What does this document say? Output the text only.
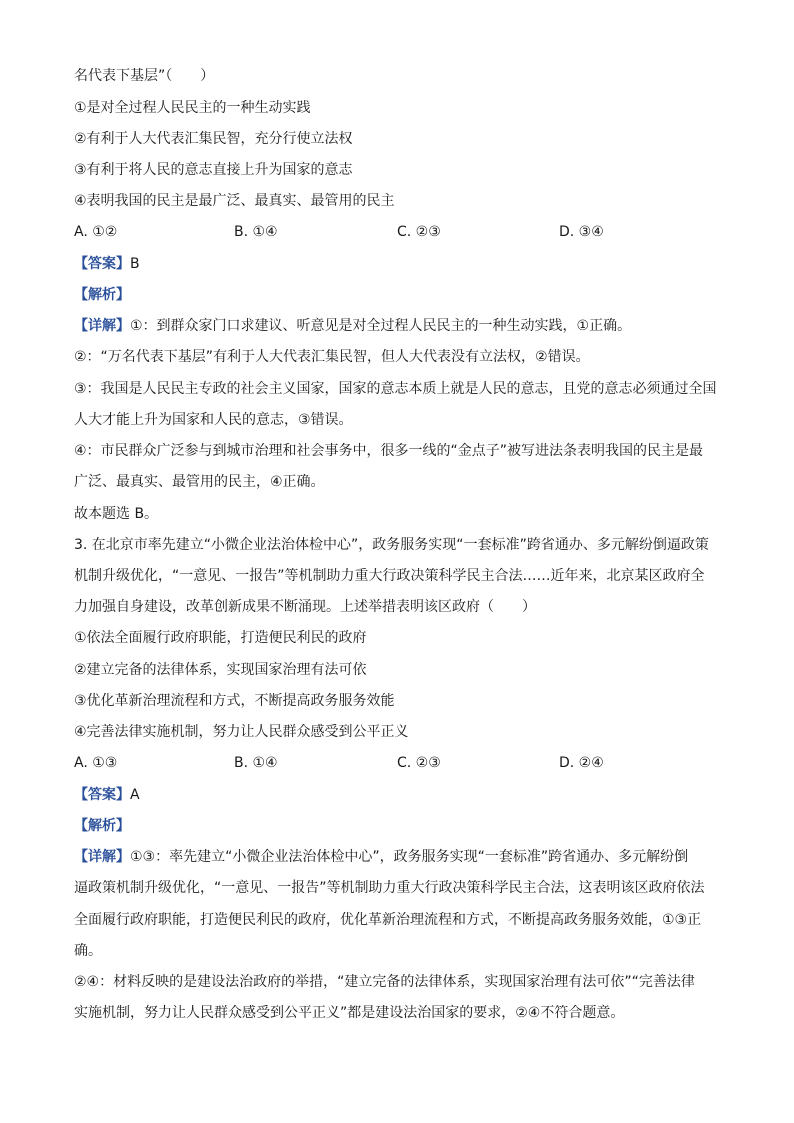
名代表下基层”（　　）
①是对全过程人民民主的一种生动实践
②有利于人大代表汇集民智，充分行使立法权
③有利于将人民的意志直接上升为国家的意志
④表明我国的民主是最广泛、最真实、最管用的民主
A. ①②	B. ①④	C. ②③	D. ③④
【答案】B
【解析】
【详解】①：到群众家门口求建议、听意见是对全过程人民民主的一种生动实践，①正确。
②：“万名代表下基层”有利于人大代表汇集民智，但人大代表没有立法权，②错误。
③：我国是人民民主专政的社会主义国家，国家的意志本质上就是人民的意志，且党的意志必须通过全国
人大才能上升为国家和人民的意志，③错误。
④：市民群众广泛参与到城市治理和社会事务中，很多一线的“金点子”被写进法条表明我国的民主是最
广泛、最真实、最管用的民主，④正确。
故本题选 B。
3. 在北京市率先建立“小微企业法治体检中心”，政务服务实现“一套标准”跨省通办、多元解纷倒逼政策
机制升级优化，“一意见、一报告”等机制助力重大行政决策科学民主合法……近年来，北京某区政府全
力加强自身建设，改革创新成果不断涌现。上述举措表明该区政府（　　）
①依法全面履行政府职能，打造便民利民的政府
②建立完备的法律体系，实现国家治理有法可依
③优化革新治理流程和方式，不断提高政务服务效能
④完善法律实施机制，努力让人民群众感受到公平正义
A. ①③	B. ①④	C. ②③	D. ②④
【答案】A
【解析】
【详解】①③：率先建立“小微企业法治体检中心”，政务服务实现“一套标准”跨省通办、多元解纷倒
逼政策机制升级优化，“一意见、一报告”等机制助力重大行政决策科学民主合法，这表明该区政府依法
全面履行政府职能，打造便民利民的政府，优化革新治理流程和方式，不断提高政务服务效能，①③正
确。
②④：材料反映的是建设法治政府的举措，“建立完备的法律体系，实现国家治理有法可依”“完善法律
实施机制，努力让人民群众感受到公平正义”都是建设法治国家的要求，②④不符合题意。
